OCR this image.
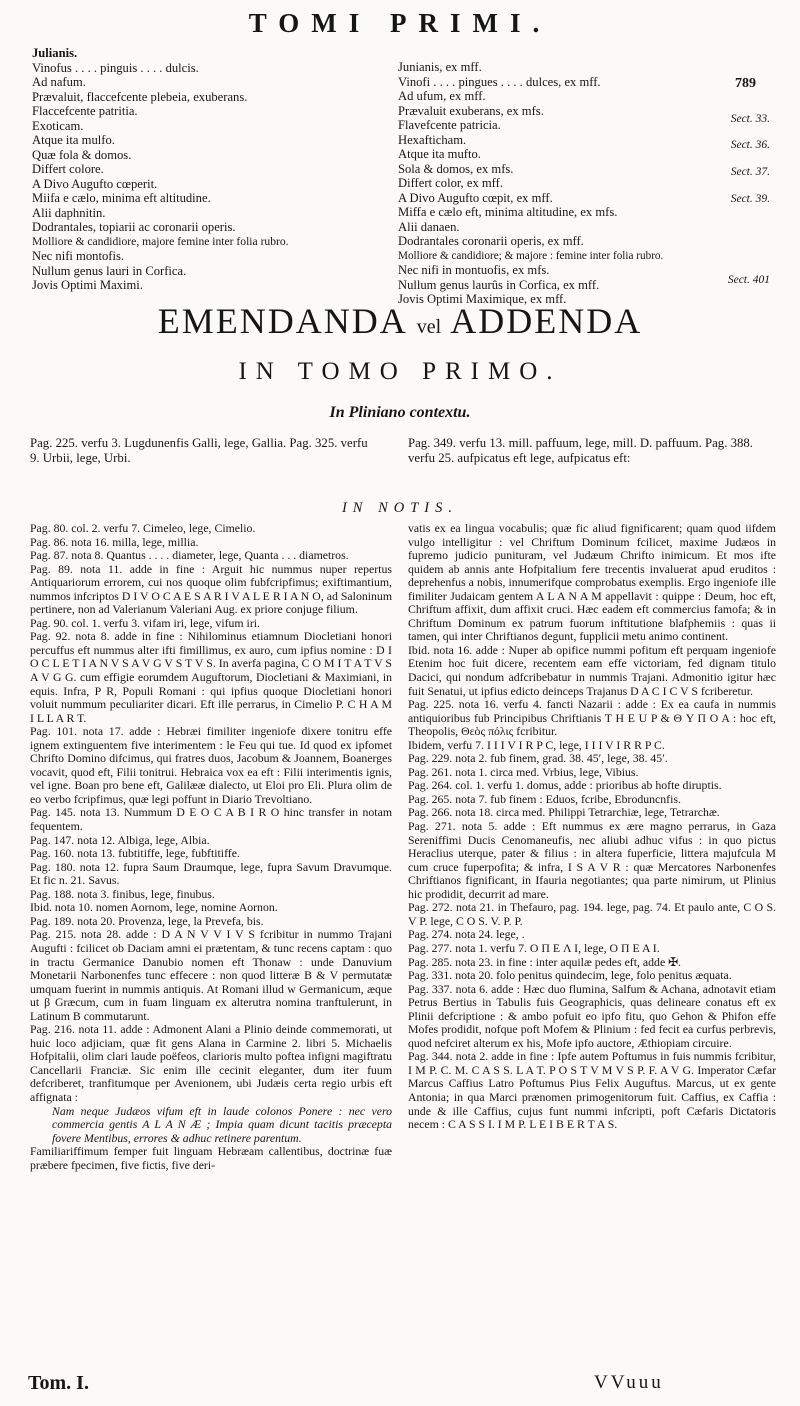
TOMI PRIMI.
789
Julianis.
Vinofus . . . . pinguis . . . . dulcis.
Ad nafum.
Prævaluit, flaccefcente plebeia, exuberans.
Flaccefcente patritia.
Exoticam.
Atque ita mulfo.
Quæ fola & domos.
Differt colore.
A Divo Augufto cœperit.
Miifa e cælo, minima eft altitudine.
Alii daphnitin.
Dodrantales, topiarii ac coronarii operis.
Molliore & candidiore, majore femine inter folia rubro.
Nec nifi montofis.
Nullum genus lauri in Corfica.
Jovis Optimi Maximi.
Junianis, ex mff.
Vinofi . . . . pingues . . . . dulces, ex mff.
Ad ufum, ex mff.
Prævaluit exuberans, ex mfs.
Flavefcente patricia.
Hexafticham.
Atque ita mufto.
Sola & domos, ex mfs.
Differt color, ex mff.
A Divo Augufto cœpit, ex mff.
Miffa e cælo eft, minima altitudine, ex mfs.
Alii danaen.
Dodrantales coronarii operis, ex mff.
Molliore & candidiore; & majore : femine inter folia rubro.
Nec nifi in montuofis, ex mfs.
Nullum genus laurûs in Corfica, ex mff.
Jovis Optimi Maximique, ex mff.
Sect. 33.
Sect. 36.
Sect. 37.
Sect. 39.
Sect. 401
EMENDANDA vel ADDENDA
IN TOMO PRIMO.
In Pliniano contextu.
Pag. 225. verfu 3. Lugdunenfis Galli, lege, Gallia. Pag. 325. verfu 9. Urbii, lege, Urbi.
Pag. 349. verfu 13. mill. paffuum, lege, mill. D. paffuum. Pag. 388. verfu 25. aufpicatus eft lege, aufpicatus eft:
IN NOTIS.

Pag. 80. col. 2. verfu 7. Cimeleo, lege, Cimelio.

Pag. 86. nota 16. milla, lege, millia.

Pag. 87. nota 8. Quantus . . . . diameter, lege, Quanta . . . diametros.

Pag. 89. nota 11. adde in fine : Arguit hic nummus nuper repertus Antiquariorum errorem, cui nos quoque olim fubfcripfimus; exiftimantium, nummos infcriptos D I V O C A E S A R I V A L E R I A N O, ad Saloninum pertinere, non ad Valerianum Valeriani Aug. ex priore conjuge filium.

Pag. 90. col. 1. verfu 3. vifam iri, lege, vifum iri.

Pag. 92. nota 8. adde in fine : Nihilominus etiamnum Diocletiani honori percuffus eft nummus alter ifti fimillimus, ex auro, cum ipfius nomine : D I O C L E T I A N V S A V G V S T V S. In averfa pagina, C O M I T A T V S A V G G. cum effigie eorumdem Auguftorum, Diocletiani & Maximiani, in equis. Infra, P R, Populi Romani : qui ipfius quoque Diocletiani honori voluit nummum peculiariter dicari. Eft ille perrarus, in Cimelio P. C H A M I L L A R T.

Pag. 101. nota 17. adde : Hebræi fimiliter ingeniofe dixere tonitru effe ignem extinguentem five interimentem : le Feu qui tue. Id quod ex ipfomet Chrifto Domino difcimus, qui fratres duos, Jacobum & Joannem, Boanerges vocavit, quod eft, Filii tonitrui. Hebraica vox ea eft : Filii interimentis ignis, vel igne. Boan pro bene eft, Galilææ dialecto, ut Eloi pro Eli. Plura olim de eo verbo fcripfimus, quæ legi poffunt in Diario Trevoltiano.

Pag. 145. nota 13. Nummum D E O C A B I R O hinc transfer in notam fequentem.

Pag. 147. nota 12. Albiga, lege, Albia.

Pag. 160. nota 13. fubtitiffe, lege, fubftitiffe.

Pag. 180. nota 12. fupra Saum Draumque, lege, fupra Savum Dravumque. Et fic n. 21. Savus.

Pag. 188. nota 3. finibus, lege, finubus.

Ibid. nota 10. nomen Aornom, lege, nomine Aornon.

Pag. 189. nota 20. Provenza, lege, la Prevefa, bis.

Pag. 215. nota 28. adde : D A N V V I V S fcribitur in nummo Trajani Augufti : fcilicet ob Daciam amni ei prætentam, & tunc recens captam : quo in tractu Germanice Danubio nomen eft Thonaw : unde Danuvium Monetarii Narbonenfes tunc effecere : non quod litteræ B & V permutatæ umquam fuerint in nummis antiquis. At Romani illud w Germanicum, æque ut β Græcum, cum in fuam linguam ex alterutra nomina tranftulerunt, in Latinum B commutarunt.

Pag. 216. nota 11. adde : Admonent Alani a Plinio deinde commemorati, ut huic loco adjiciam, quæ fit gens Alana in Carmine 2. libri 5. Michaelis Hofpitalii, olim clari laude poëfeos, clarioris multo poftea infigni magiftratu Cancellarii Franciæ. Sic enim ille cecinit eleganter, dum iter fuum defcriberet, tranfitumque per Avenionem, ubi Judæis certa regio urbis eft affignata :

Nam neque Judæos vifum eft in laude colonos Ponere : nec vero commercia gentis A L A N Æ ; Impia quam dicunt tacitis præcepta fovere Mentibus, errores & adhuc retinere parentum.

Familiariffimum femper fuit linguam Hebræam callentibus, doctrinæ fuæ præbere fpecimen, five fictis, five deri-

vatis ex ea lingua vocabulis; quæ fic aliud fignificarent; quam quod iifdem vulgo intelligitur : vel Chriftum Dominum fcilicet, maxime Judæos in fupremo judicio punituram, vel Judæum Chrifto inimicum. Et mos ifte quidem ab annis ante Hofpitalium fere trecentis invaluerat apud eruditos : deprehenfus a nobis, innumerifque comprobatus exemplis. Ergo ingeniofe ille fimiliter Judaicam gentem A L A N A M appellavit : quippe : Deum, hoc eft, Chriftum affixit, dum affixit cruci. Hæc eadem eft commercius famofa; & in Chriftum Dominum ex patrum fuorum inftitutione blafphemiis : quas ii tamen, qui inter Chriftianos degunt, fupplicii metu animo continent.

Ibid. nota 16. adde : Nuper ab opifice nummi pofitum eft perquam ingeniofe Etenim hoc fuit dicere, recentem eam effe victoriam, fed dignam titulo Dacici, qui nondum adfcribebatur in nummis Trajani. Admonitio igitur hæc fuit Senatui, ut ipfius edicto deinceps Trajanus D A C I C V S fcriberetur.

Pag. 225. nota 16. verfu 4. fancti Nazarii : adde : Ex ea caufa in nummis antiquioribus fub Principibus Chriftianis T H E U P & Θ Y Π O A : hoc eft, Theopolis, Θεὸς πόλις fcribitur.

Ibidem, verfu 7. I I I V I R P C, lege, I I I V I R R P C.

Pag. 229. nota 2. fub finem, grad. 38. 45′, lege, 38. 45′.

Pag. 261. nota 1. circa med. Vrbius, lege, Vibius.

Pag. 264. col. 1. verfu 1. domus, adde : prioribus ab hofte diruptis.

Pag. 265. nota 7. fub finem : Eduos, fcribe, Ebroduncnfis.

Pag. 266. nota 18. circa med. Philippi Tetrarchiæ, lege, Tetrarchæ.

Pag. 271. nota 5. adde : Eft nummus ex ære magno perrarus, in Gaza Sereniffimi Ducis Cenomaneufis, nec aliubi adhuc vifus : in quo pictus Heraclius uterque, pater & filius : in altera fuperficie, littera majufcula M cum cruce fuperpofita; & infra, I S A V R : quæ Mercatores Narbonenfes Chriftianos fignificant, in Ifauria negotiantes; qua parte nimirum, ut Plinius hic prodidit, decurrit ad mare.

Pag. 272. nota 21. in Thefauro, pag. 194. lege, pag. 74. Et paulo ante, C O S. V P. lege, C O S. V. P. P.

Pag. 274. nota 24. lege, .

Pag. 277. nota 1. verfu 7. O Π E Λ I, lege, O Π E A I.

Pag. 285. nota 23. in fine : inter aquilæ pedes eft, adde ✠.

Pag. 331. nota 20. folo penitus quindecim, lege, folo penitus æquata.

Pag. 337. nota 6. adde : Hæc duo flumina, Salfum & Achana, adnotavit etiam Petrus Bertius in Tabulis fuis Geographicis, quas delineare conatus eft ex Plinii defcriptione : & ambo pofuit eo ipfo fitu, quo Gehon & Phifon effe Mofes prodidit, nofque poft Mofem & Plinium : fed fecit ea curfus perbrevis, quod nefciret alterum ex his, Mofe ipfo auctore, Æthiopiam circuire.

Pag. 344. nota 2. adde in fine : Ipfe autem Poftumus in fuis nummis fcribitur, I M P. C. M. C A S S. L A T. P O S T V M V S P. F. A V G. Imperator Cæfar Marcus Caffius Latro Poftumus Pius Felix Auguftus. Marcus, ut ex gente Antonia; in qua Marci prænomen primogenitorum fuit. Caffius, ex Caffia : unde & ille Caffius, cujus funt nummi infcripti, poft Cæfaris Dictatoris necem : C A S S I. I M P. L E I B E R T A S.

Tom. I.	VVuuu
